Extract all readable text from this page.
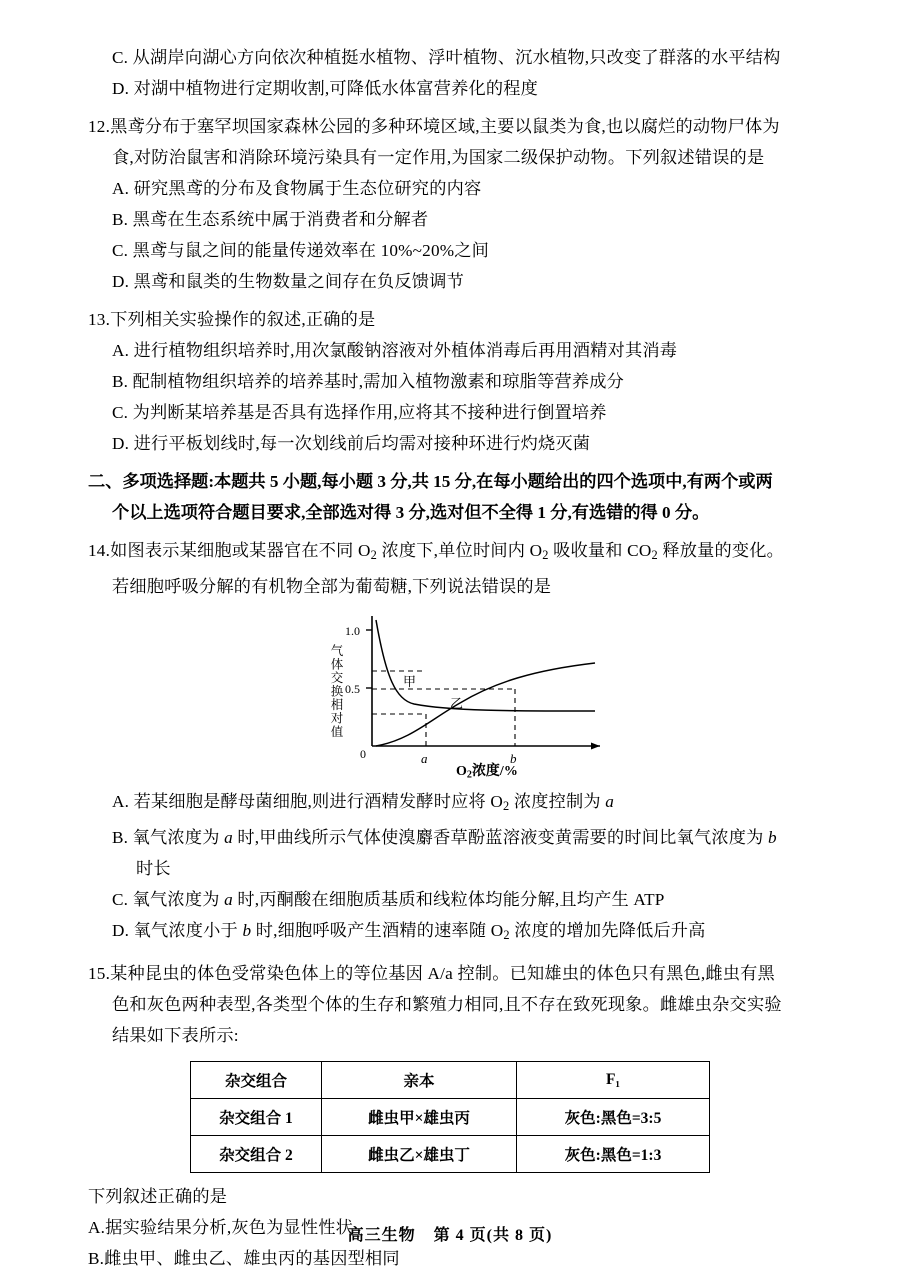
C. 从湖岸向湖心方向依次种植挺水植物、浮叶植物、沉水植物,只改变了群落的水平结构
D. 对湖中植物进行定期收割,可降低水体富营养化的程度
12.黑鸢分布于塞罕坝国家森林公园的多种环境区域,主要以鼠类为食,也以腐烂的动物尸体为
食,对防治鼠害和消除环境污染具有一定作用,为国家二级保护动物。下列叙述错误的是
A. 研究黑鸢的分布及食物属于生态位研究的内容
B. 黑鸢在生态系统中属于消费者和分解者
C. 黑鸢与鼠之间的能量传递效率在 10%~20%之间
D. 黑鸢和鼠类的生物数量之间存在负反馈调节
13.下列相关实验操作的叙述,正确的是
A. 进行植物组织培养时,用次氯酸钠溶液对外植体消毒后再用酒精对其消毒
B. 配制植物组织培养的培养基时,需加入植物激素和琼脂等营养成分
C. 为判断某培养基是否具有选择作用,应将其不接种进行倒置培养
D. 进行平板划线时,每一次划线前后均需对接种环进行灼烧灭菌
二、多项选择题:本题共 5 小题,每小题 3 分,共 15 分,在每小题给出的四个选项中,有两个或两
个以上选项符合题目要求,全部选对得 3 分,选对但不全得 1 分,有选错的得 0 分。
14.如图表示某细胞或某器官在不同 $O_2$ 浓度下,单位时间内 $O_2$ 吸收量和 $CO_2$ 释放量的变化。
若细胞呼吸分解的有机物全部为葡萄糖,下列说法错误的是
1.0
0.5
0
气体交换相对值	甲
乙
a	b
$O_2$浓度/%
A. 若某细胞是酵母菌细胞,则进行酒精发酵时应将 $O_2$ 浓度控制为 a
B. 氧气浓度为 a 时,甲曲线所示气体使溴麝香草酚蓝溶液变黄需要的时间比氧气浓度为 b
时长
C. 氧气浓度为 a 时,丙酮酸在细胞质基质和线粒体均能分解,且均产生 ATP
D. 氧气浓度小于 b 时,细胞呼吸产生酒精的速率随 $O_2$ 浓度的增加先降低后升高
15.某种昆虫的体色受常染色体上的等位基因 A/a 控制。已知雄虫的体色只有黑色,雌虫有黑
色和灰色两种表型,各类型个体的生存和繁殖力相同,且不存在致死现象。雌雄虫杂交实验
结果如下表所示:
杂交组合	亲本	F₁
杂交组合 1	雌虫甲×雄虫丙	灰色:黑色=3:5
杂交组合 2	雌虫乙×雄虫丁	灰色:黑色=1:3
下列叙述正确的是
A.据实验结果分析,灰色为显性性状
B.雌虫甲、雌虫乙、雄虫丙的基因型相同
高三生物 第 4 页(共 8 页)
